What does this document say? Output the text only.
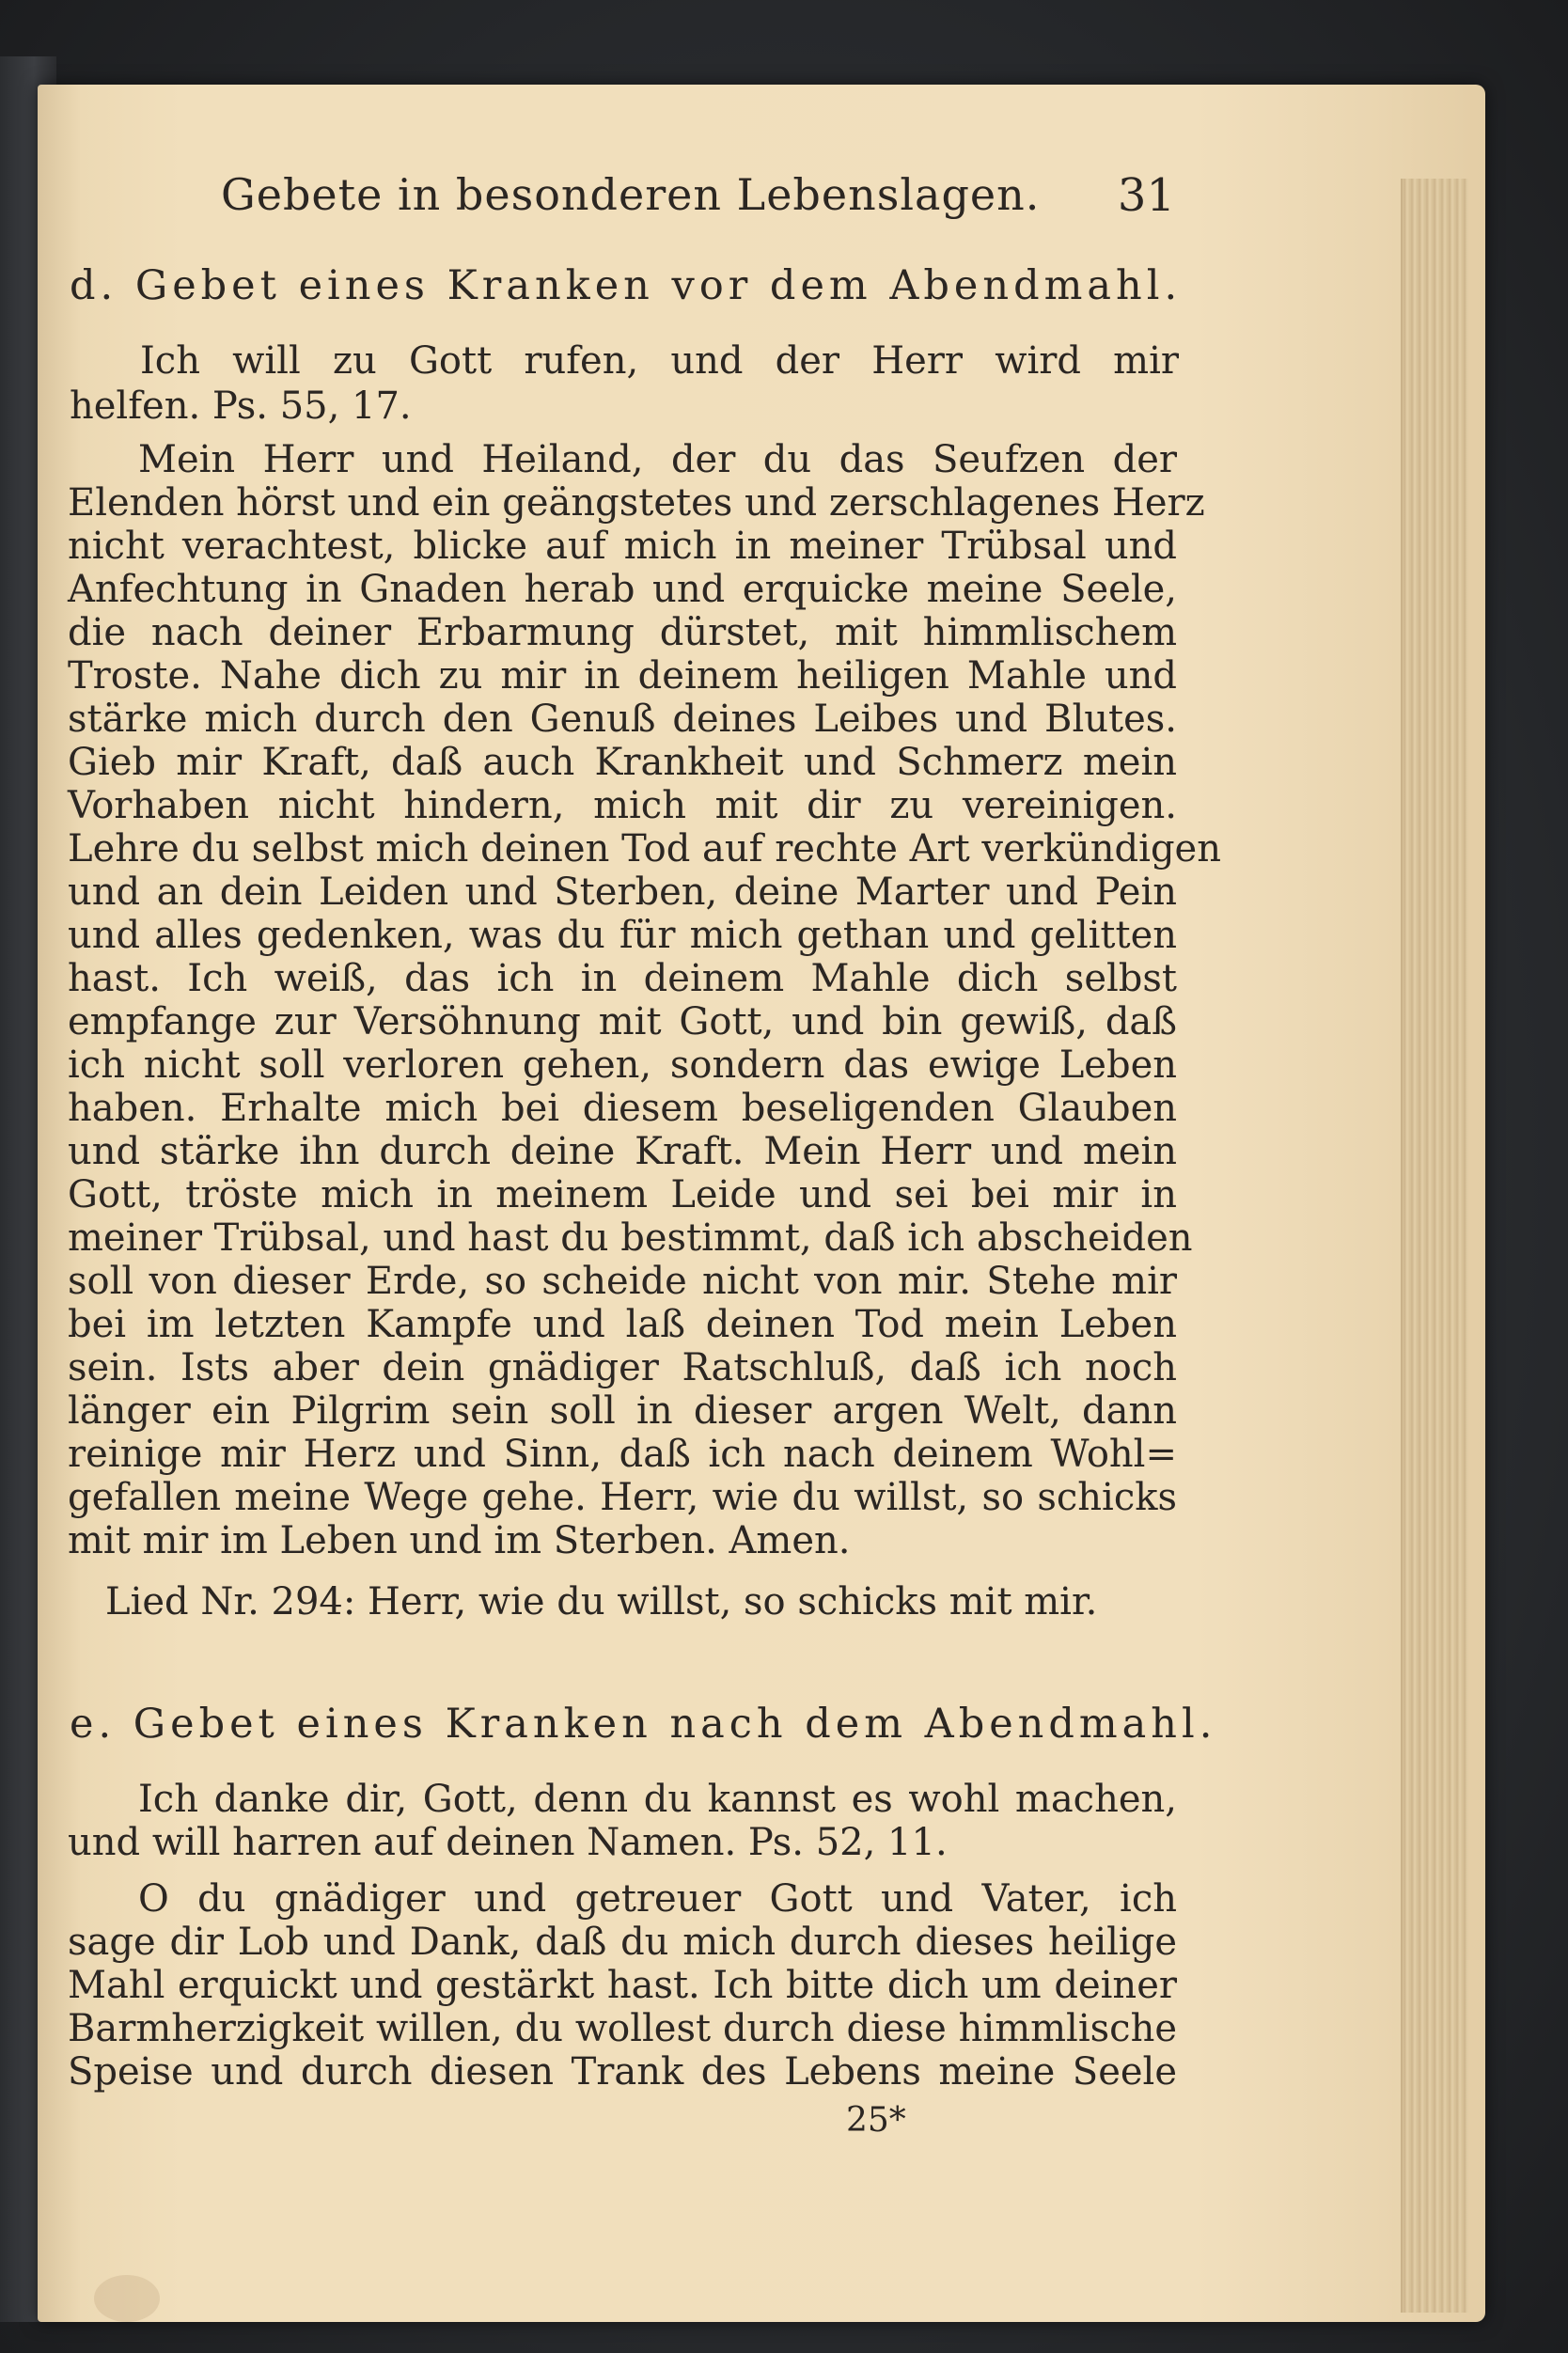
Gebete in besonderen Lebenslagen. 31
d. Gebet eines Kranken vor dem Abendmahl.
Ich will zu Gott rufen, und der Herr wird mir
helfen. Ps. 55, 17.
Mein Herr und Heiland, der du das Seufzen der
Elenden hörst und ein geängstetes und zerschlagenes Herz
nicht verachtest, blicke auf mich in meiner Trübsal und
Anfechtung in Gnaden herab und erquicke meine Seele,
die nach deiner Erbarmung dürstet, mit himmlischem
Troste. Nahe dich zu mir in deinem heiligen Mahle und
stärke mich durch den Genuß deines Leibes und Blutes.
Gieb mir Kraft, daß auch Krankheit und Schmerz mein
Vorhaben nicht hindern, mich mit dir zu vereinigen.
Lehre du selbst mich deinen Tod auf rechte Art verkündigen
und an dein Leiden und Sterben, deine Marter und Pein
und alles gedenken, was du für mich gethan und gelitten
hast. Ich weiß, das ich in deinem Mahle dich selbst
empfange zur Versöhnung mit Gott, und bin gewiß, daß
ich nicht soll verloren gehen, sondern das ewige Leben
haben. Erhalte mich bei diesem beseligenden Glauben
und stärke ihn durch deine Kraft. Mein Herr und mein
Gott, tröste mich in meinem Leide und sei bei mir in
meiner Trübsal, und hast du bestimmt, daß ich abscheiden
soll von dieser Erde, so scheide nicht von mir. Stehe mir
bei im letzten Kampfe und laß deinen Tod mein Leben
sein. Ists aber dein gnädiger Ratschluß, daß ich noch
länger ein Pilgrim sein soll in dieser argen Welt, dann
reinige mir Herz und Sinn, daß ich nach deinem Wohl=
gefallen meine Wege gehe. Herr, wie du willst, so schicks
mit mir im Leben und im Sterben. Amen.
Lied Nr. 294: Herr, wie du willst, so schicks mit mir.
e. Gebet eines Kranken nach dem Abendmahl.
Ich danke dir, Gott, denn du kannst es wohl machen,
und will harren auf deinen Namen. Ps. 52, 11.
O du gnädiger und getreuer Gott und Vater, ich
sage dir Lob und Dank, daß du mich durch dieses heilige
Mahl erquickt und gestärkt hast. Ich bitte dich um deiner
Barmherzigkeit willen, du wollest durch diese himmlische
Speise und durch diesen Trank des Lebens meine Seele
25*
